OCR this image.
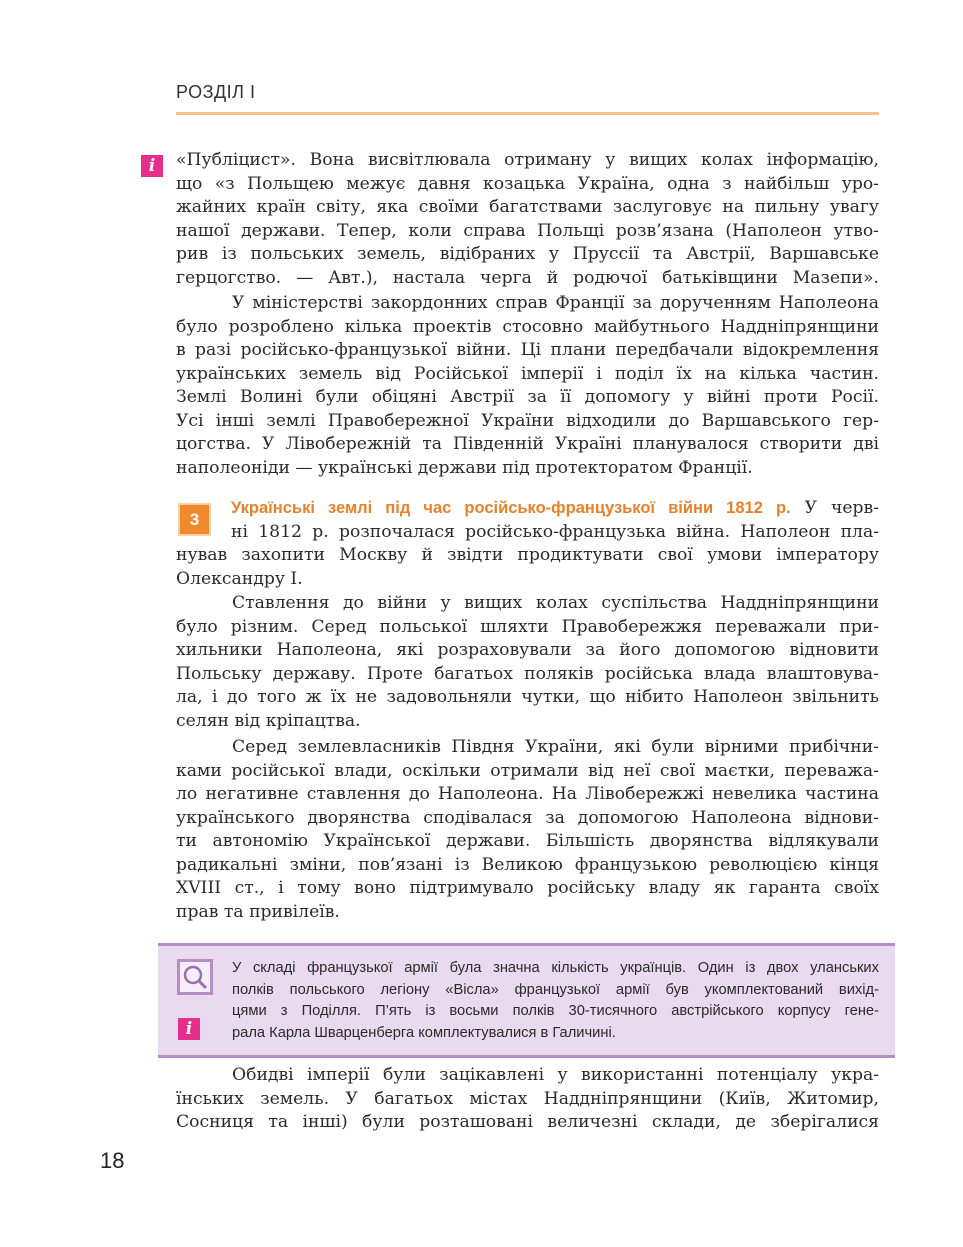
РОЗДІЛ І
i	«Публіцист». Вона висвітлювала отриману у вищих колах інформацію,
що «з Польщею межує давня козацька Україна, одна з найбільш уро-
жайних країн світу, яка своїми багатствами заслуговує на пильну увагу
нашої держави. Тепер, коли справа Польщі розв’язана (Наполеон утво-
рив із польських земель, відібраних у Пруссії та Австрії, Варшавське
герцогство. — Авт.), настала черга й родючої батьківщини Мазепи».

У міністерстві закордонних справ Франції за дорученням Наполеона
було розроблено кілька проектів стосовно майбутнього Наддніпрянщини
в разі російсько-французької війни. Ці плани передбачали відокремлення
українських земель від Російської імперії і поділ їх на кілька частин.
Землі Волині були обіцяні Австрії за її допомогу у війні проти Росії.
Усі інші землі Правобережної України відходили до Варшавського гер-
цогства. У Лівобережній та Південній Україні планувалося створити дві
наполеоніди — українські держави під протекторатом Франції.

3

Українські землі під час російсько-французької війни 1812 р. У черв-
ні 1812 р. розпочалася російсько-французька війна. Наполеон пла-

нував захопити Москву й звідти продиктувати свої умови імператору
Олександру I.

Ставлення до війни у вищих колах суспільства Наддніпрянщини
було різним. Серед польської шляхти Правобережжя переважали при-
хильники Наполеона, які розраховували за його допомогою відновити
Польську державу. Проте багатьох поляків російська влада влаштовува-
ла, і до того ж їх не задовольняли чутки, що нібито Наполеон звільнить
селян від кріпацтва.

Серед землевласників Півдня України, які були вірними прибічни-
ками російської влади, оскільки отримали від неї свої маєтки, переважа-
ло негативне ставлення до Наполеона. На Лівобережжі невелика частина
українського дворянства сподівалася за допомогою Наполеона віднови-
ти автономію Української держави. Більшість дворянства відлякували
радикальні зміни, пов’язані із Великою французькою революцією кінця
XVIII ст., і тому воно підтримувало російську владу як гаранта своїх
прав та привілеїв.

i
У складі французької армії була значна кількість українців. Один із двох уланських
полків польського легіону «Вісла» французької армії був укомплектований вихід-
цями з Поділля. П’ять із восьми полків 30-тисячного австрійського корпусу гене-
рала Карла Шварценберга комплектувалися в Галичині.

Обидві імперії були зацікавлені у використанні потенціалу укра-
їнських земель. У багатьох містах Наддніпрянщини (Київ, Житомир,
Сосниця та інші) були розташовані величезні склади, де зберігалися

18
